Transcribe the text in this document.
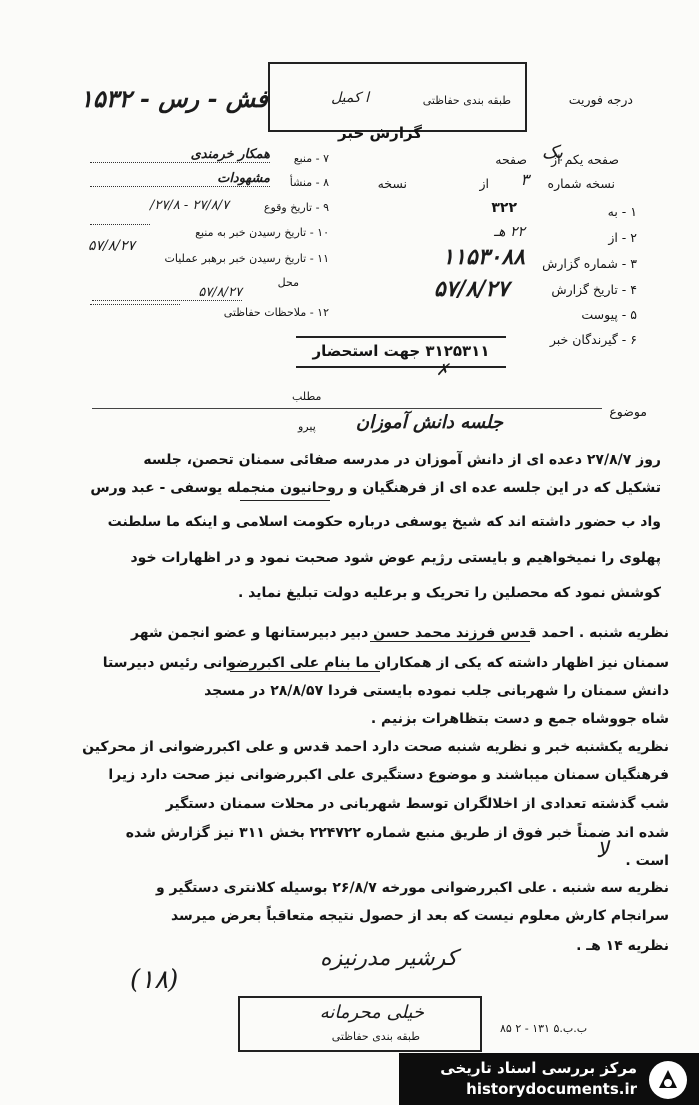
فش - رس - ۱۵۳۲	طبقه بندی حفاظتی
ا کمیل
گزارش خبر
درجه فوریت
۷ - منبع
همکار خرمندی
۸ - منشأ
مشهودات
۹ - تاریخ وقوع
۲۷/۸/۷ - ۲۷/۸/
۱۰ - تاریخ رسیدن خبر به منبع
۱۱ - تاریخ رسیدن خبر برهبر عملیات
۵۷/۸/۲۷
محل
۵۷/۸/۲۷
۱۲ - ملاحظات حفاظتی
صفحه یکم از
صفحه یک
نسخه شماره
۳
از
نسخه
۱ - به
۳۲۲
۲ - از
۲۲ هـ
۳ - شماره گزارش
۱۱۵۳۰۸۸
۴ - تاریخ گزارش
۵۷/۸/۲۷
۵ - پیوست
۶ - گیرندگان خبر
۳۱۲۵۳۱۱ جهت استحضار
✗
مطلب
پیرو
موضوع
جلسه دانش آموزان
روز ۲۷/۸/۷ دعده ای از دانش آموزان در مدرسه صفائی سمنان تحصن، جلسه
تشکیل که در این جلسه عده ای از فرهنگیان و روحانیون منجمله یوسفی - عبد ورس
واد ب حضور داشته اند که شیخ یوسفی درباره حکومت اسلامی و اینکه ما سلطنت
پهلوی را نمیخواهیم و بایستی رژیم عوض شود صحبت نمود و در اظهارات خود
کوشش نمود که محصلین را تحریک و برعلیه دولت تبلیغ نماید .
نظریه شنبه . احمد قدس فرزند محمد حسن دبیر دبیرستانها و عضو انجمن شهر
سمنان نیز اظهار داشته که یکی از همکاران ما بنام علی اکبررضوانی رئیس دبیرستا
دانش سمنان را شهربانی جلب نموده بایستی فردا ۲۸/۸/۵۷ در مسجد
شاه جووشاه جمع و دست بتظاهرات بزنیم .
نظریه یکشنبه خبر و نظریه شنبه صحت دارد احمد قدس و علی اکبررضوانی از محرکین
فرهنگیان سمنان میباشند و موضوع دستگیری علی اکبررضوانی نیز صحت دارد زیرا
شب گذشته تعدادی از اخلالگران توسط شهربانی در محلات سمنان دستگیر
شده اند ضمناً خبر فوق از طریق منبع شماره ۲۲۴۷۲۲ بخش ۳۱۱ نیز گزارش شده
است .
نظریه سه شنبه . علی اکبررضوانی مورخه ۲۶/۸/۷ بوسیله کلانتری دستگیر و
سرانجام کارش معلوم نیست که بعد از حصول نتیجه متعاقباً بعرض میرسد
نظریه ۱۴ هـ .
لا
(۱۸)
کرشیر مدرنیزه
ب.ب.۵ ۱۳۱ - ۲ ۸۵
خیلی محرمانه
طبقه بندی حفاظتی
مرکز بررسی اسناد تاریخی
historydocuments.ir
